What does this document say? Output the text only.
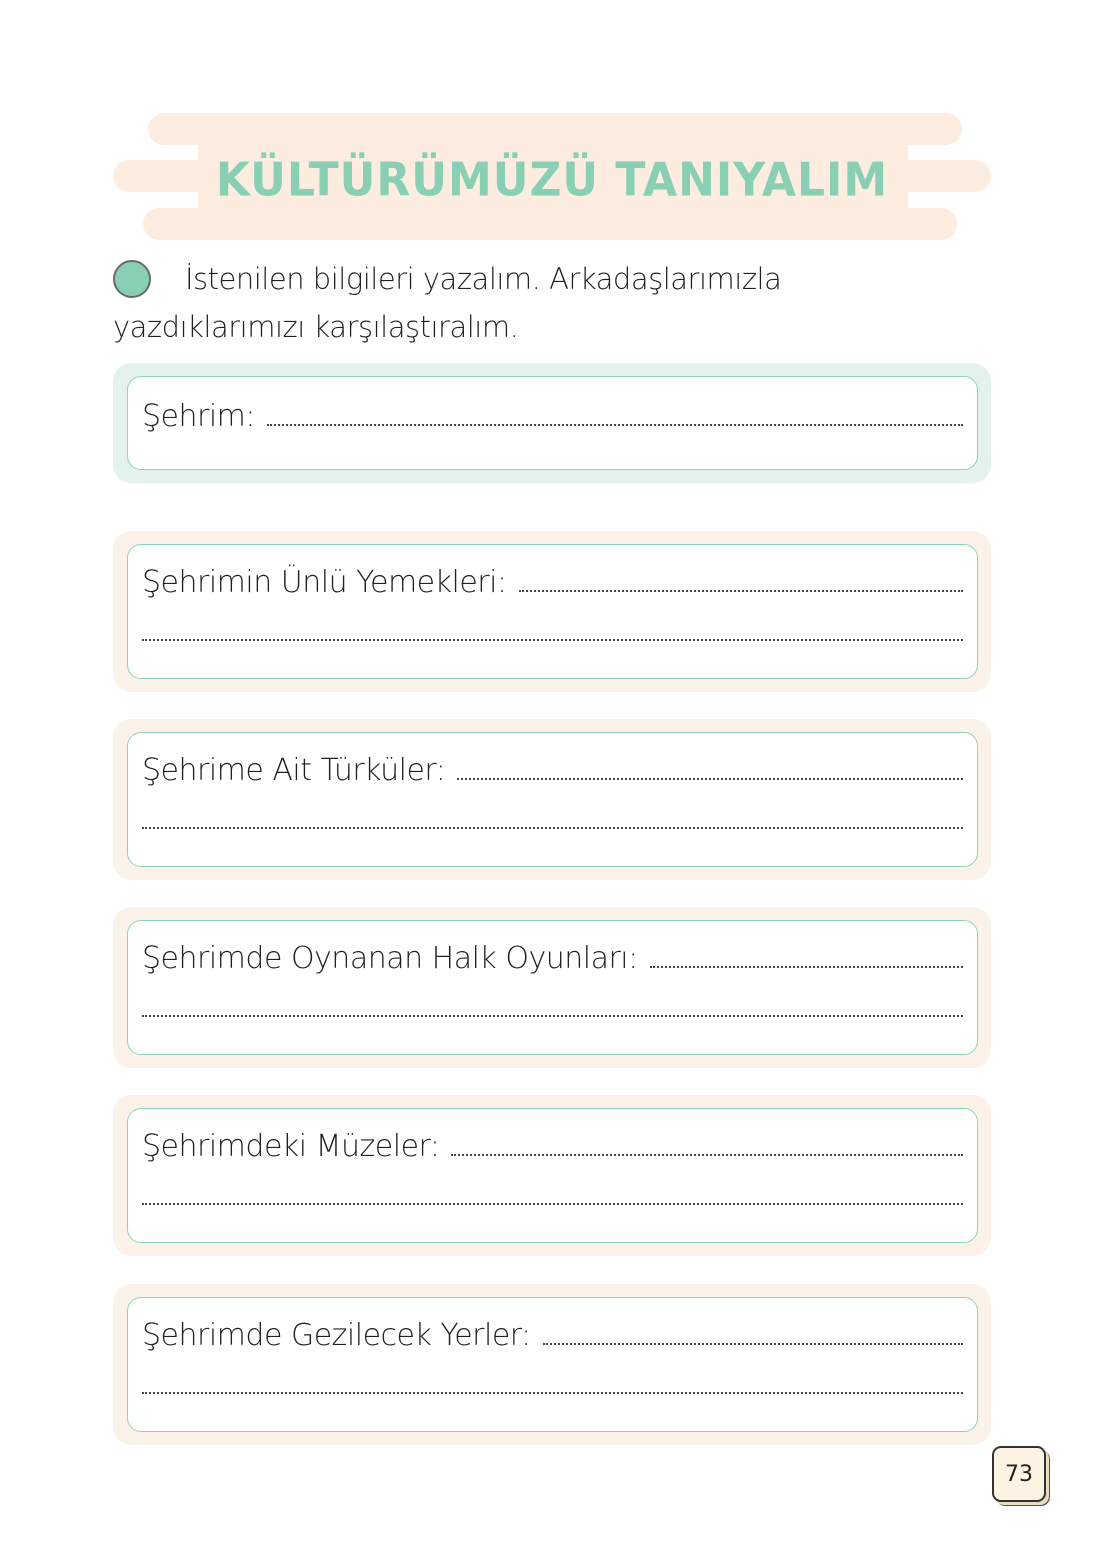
KÜLTÜRÜMÜZÜ TANIYALIM
İstenilen bilgileri yazalım. Arkadaşlarımızla yazdıklarımızı karşılaştıralım.
Şehrim:
Şehrimin Ünlü Yemekleri:
Şehrime Ait Türküler:
Şehrimde Oynanan Halk Oyunları:
Şehrimdeki Müzeler:
Şehrimde Gezilecek Yerler:
73
